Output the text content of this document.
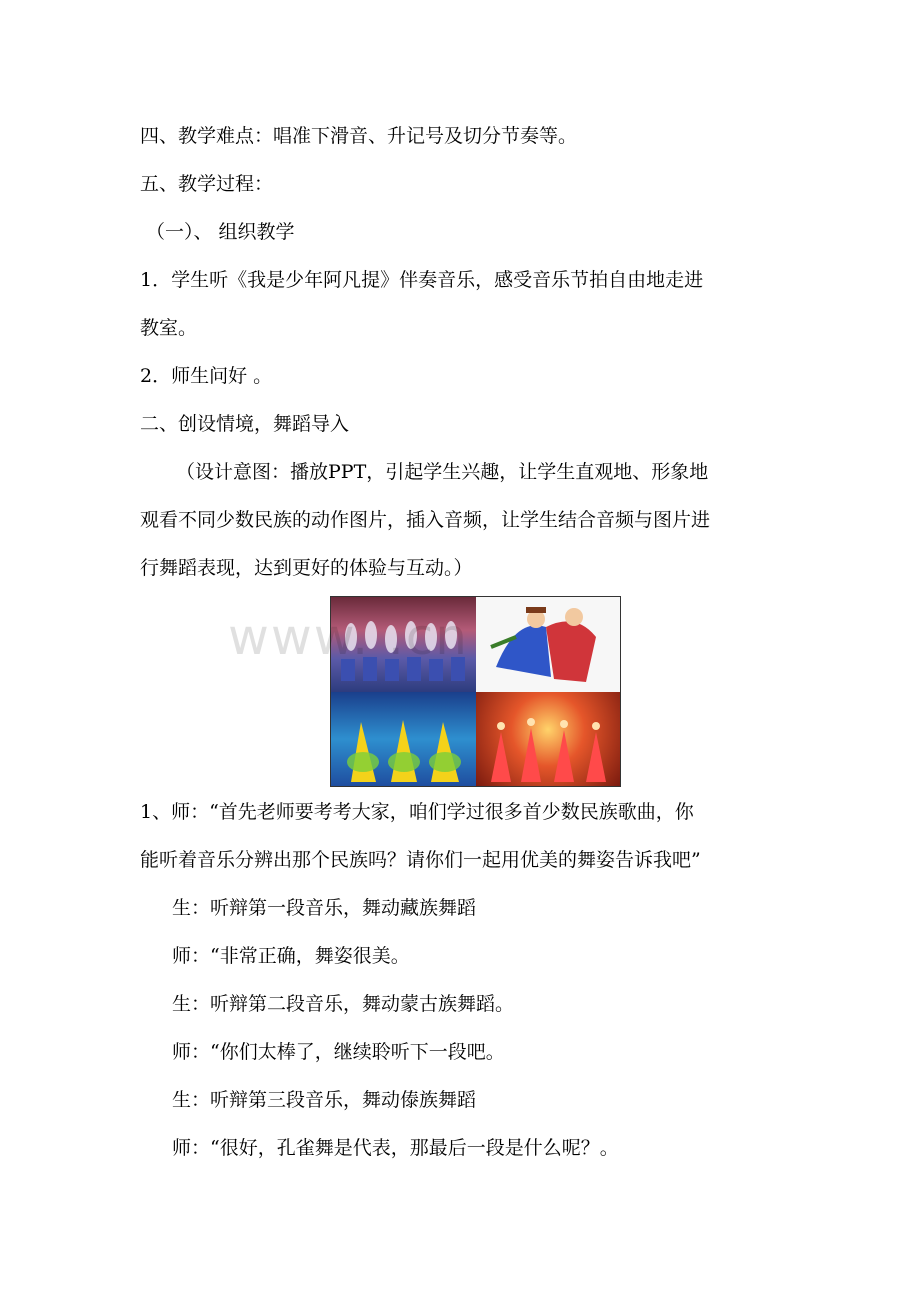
四、教学难点：唱准下滑音、升记号及切分节奏等。
五、教学过程：
（一）、 组织教学
1．学生听《我是少年阿凡提》伴奏音乐，感受音乐节拍自由地走进
教室。
2．师生问好 。
二、创设情境，舞蹈导入
（设计意图：播放PPT，引起学生兴趣，让学生直观地、形象地
观看不同少数民族的动作图片，插入音频，让学生结合音频与图片进
行舞蹈表现，达到更好的体验与互动。）
www. .cn
1、师：“首先老师要考考大家，咱们学过很多首少数民族歌曲，你
能听着音乐分辨出那个民族吗？请你们一起用优美的舞姿告诉我吧”
生：听辩第一段音乐，舞动藏族舞蹈
师：“非常正确，舞姿很美。
生：听辩第二段音乐，舞动蒙古族舞蹈。
师：“你们太棒了，继续聆听下一段吧。
生：听辩第三段音乐，舞动傣族舞蹈
师：“很好，孔雀舞是代表，那最后一段是什么呢？。
